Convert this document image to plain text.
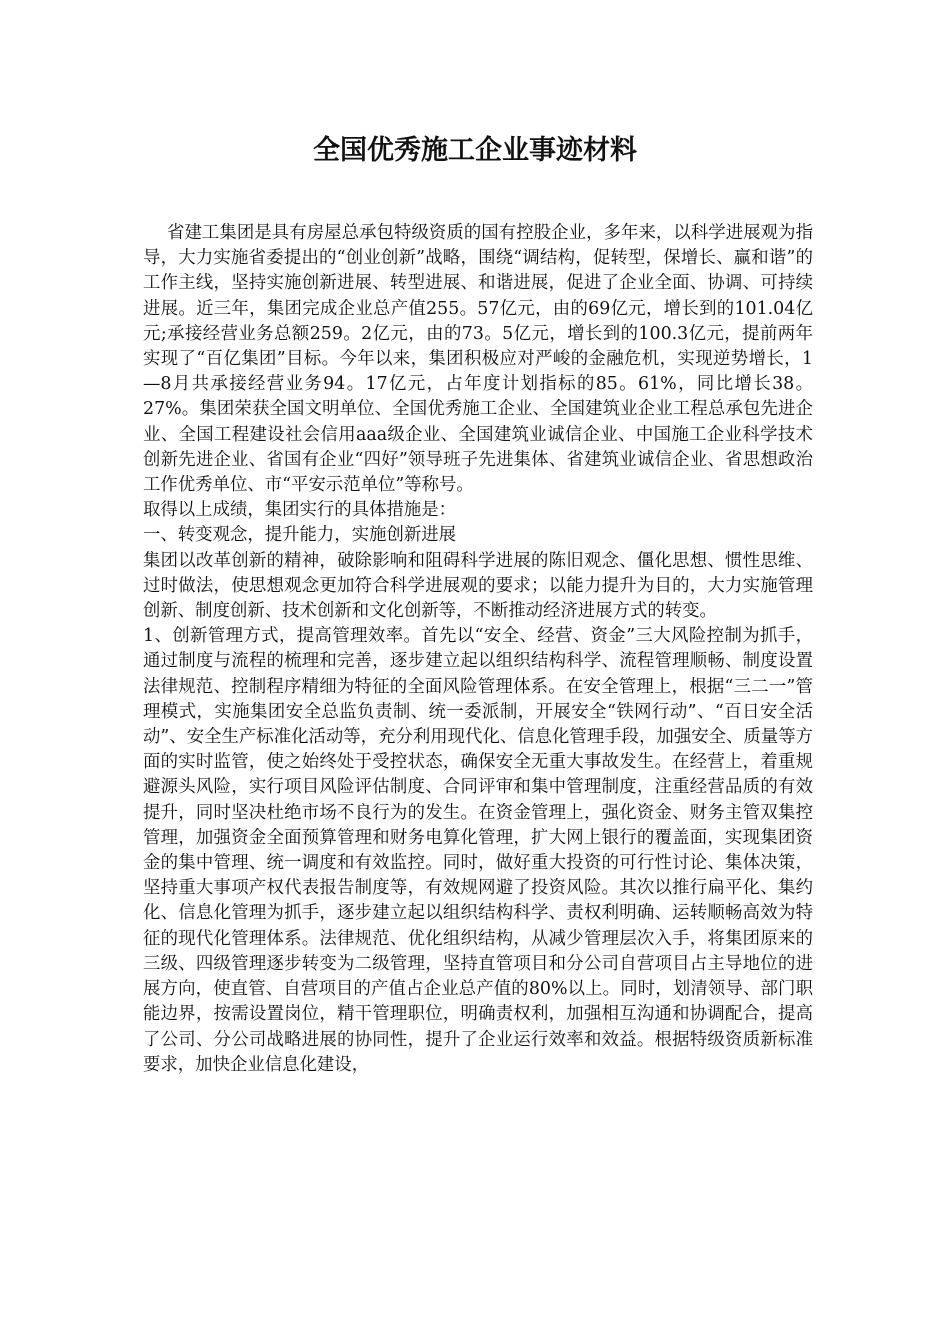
全国优秀施工企业事迹材料

省建工集团是具有房屋总承包特级资质的国有控股企业，多年来，以科学进展观为指导，大力实施省委提出的“创业创新”战略，围绕“调结构，促转型，保增长、赢和谐”的工作主线，坚持实施创新进展、转型进展、和谐进展，促进了企业全面、协调、可持续进展。近三年，集团完成企业总产值255。57亿元，由的69亿元，增长到的101.04亿元;承接经营业务总额259。2亿元，由的73。5亿元，增长到的100.3亿元，提前两年实现了“百亿集团”目标。今年以来，集团积极应对严峻的金融危机，实现逆势增长，1—8月共承接经营业务94。17亿元，占年度计划指标的85。61%，同比增长38。27%。集团荣获全国文明单位、全国优秀施工企业、全国建筑业企业工程总承包先进企业、全国工程建设社会信用aaa级企业、全国建筑业诚信企业、中国施工企业科学技术创新先进企业、省国有企业“四好”领导班子先进集体、省建筑业诚信企业、省思想政治工作优秀单位、市“平安示范单位”等称号。

取得以上成绩，集团实行的具体措施是：

一、转变观念，提升能力，实施创新进展

集团以改革创新的精神，破除影响和阻碍科学进展的陈旧观念、僵化思想、惯性思维、过时做法，使思想观念更加符合科学进展观的要求；以能力提升为目的，大力实施管理创新、制度创新、技术创新和文化创新等，不断推动经济进展方式的转变。

1、创新管理方式，提高管理效率。首先以“安全、经营、资金”三大风险控制为抓手，通过制度与流程的梳理和完善，逐步建立起以组织结构科学、流程管理顺畅、制度设置法律规范、控制程序精细为特征的全面风险管理体系。在安全管理上，根据“三二一”管理模式，实施集团安全总监负责制、统一委派制，开展安全“铁网行动”、“百日安全活动”、安全生产标准化活动等，充分利用现代化、信息化管理手段，加强安全、质量等方面的实时监管，使之始终处于受控状态，确保安全无重大事故发生。在经营上，着重规避源头风险，实行项目风险评估制度、合同评审和集中管理制度，注重经营品质的有效提升，同时坚决杜绝市场不良行为的发生。在资金管理上，强化资金、财务主管双集控管理，加强资金全面预算管理和财务电算化管理，扩大网上银行的覆盖面，实现集团资金的集中管理、统一调度和有效监控。同时，做好重大投资的可行性讨论、集体决策，坚持重大事项产权代表报告制度等，有效规网避了投资风险。其次以推行扁平化、集约化、信息化管理为抓手，逐步建立起以组织结构科学、责权利明确、运转顺畅高效为特征的现代化管理体系。法律规范、优化组织结构，从减少管理层次入手，将集团原来的三级、四级管理逐步转变为二级管理，坚持直管项目和分公司自营项目占主导地位的进展方向，使直管、自营项目的产值占企业总产值的80%以上。同时，划清领导、部门职能边界，按需设置岗位，精干管理职位，明确责权利，加强相互沟通和协调配合，提高了公司、分公司战略进展的协同性，提升了企业运行效率和效益。根据特级资质新标准要求，加快企业信息化建设，
